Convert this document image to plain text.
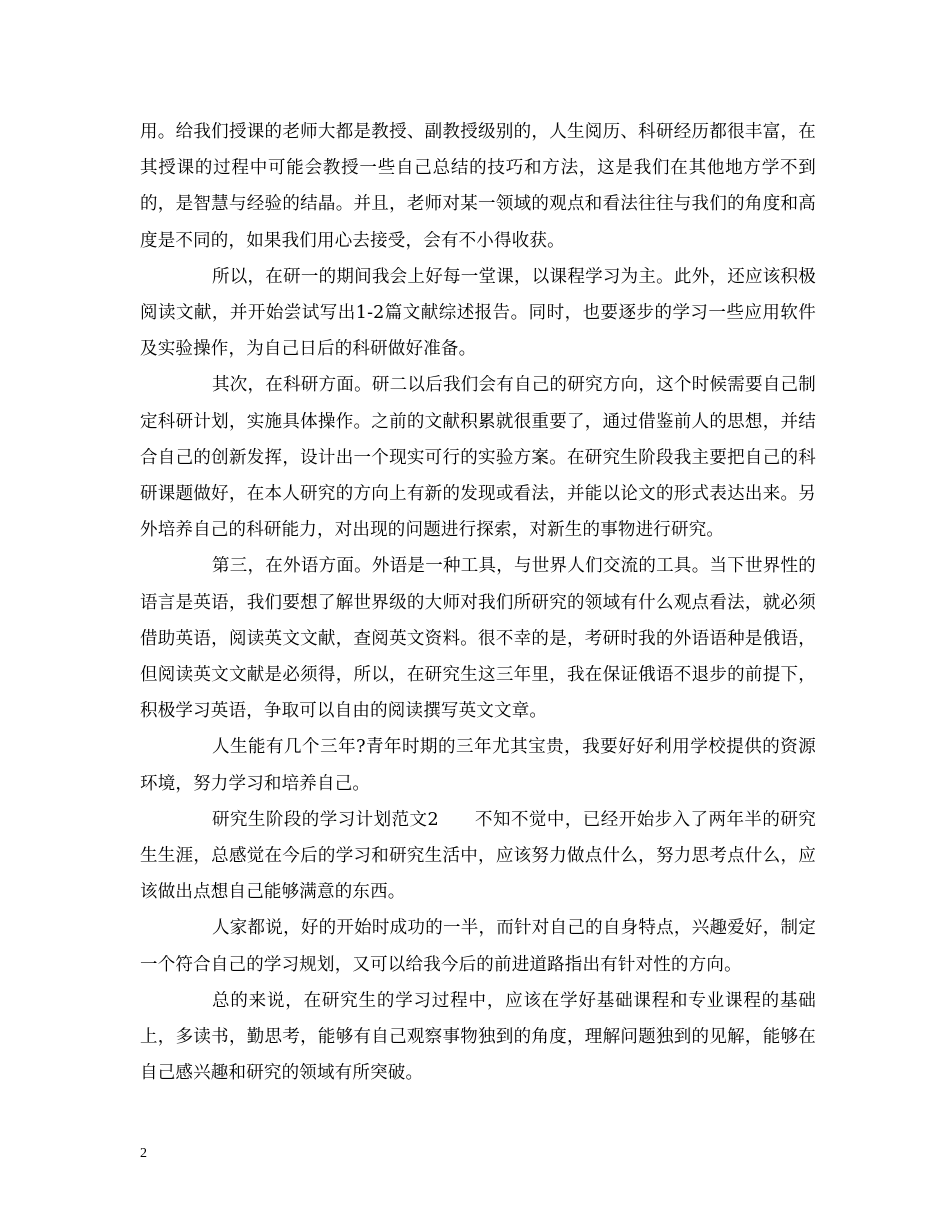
用。给我们授课的老师大都是教授、副教授级别的，人生阅历、科研经历都很丰富，在其授课的过程中可能会教授一些自己总结的技巧和方法，这是我们在其他地方学不到的，是智慧与经验的结晶。并且，老师对某一领域的观点和看法往往与我们的角度和高度是不同的，如果我们用心去接受，会有不小得收获。

所以，在研一的期间我会上好每一堂课，以课程学习为主。此外，还应该积极阅读文献，并开始尝试写出1-2篇文献综述报告。同时，也要逐步的学习一些应用软件及实验操作，为自己日后的科研做好准备。

其次，在科研方面。研二以后我们会有自己的研究方向，这个时候需要自己制定科研计划，实施具体操作。之前的文献积累就很重要了，通过借鉴前人的思想，并结合自己的创新发挥，设计出一个现实可行的实验方案。在研究生阶段我主要把自己的科研课题做好，在本人研究的方向上有新的发现或看法，并能以论文的形式表达出来。另外培养自己的科研能力，对出现的问题进行探索，对新生的事物进行研究。

第三，在外语方面。外语是一种工具，与世界人们交流的工具。当下世界性的语言是英语，我们要想了解世界级的大师对我们所研究的领域有什么观点看法，就必须借助英语，阅读英文文献，查阅英文资料。很不幸的是，考研时我的外语语种是俄语，但阅读英文文献是必须得，所以，在研究生这三年里，我在保证俄语不退步的前提下，积极学习英语，争取可以自由的阅读撰写英文文章。

人生能有几个三年?青年时期的三年尤其宝贵，我要好好利用学校提供的资源环境，努力学习和培养自己。

研究生阶段的学习计划范文2　　不知不觉中，已经开始步入了两年半的研究生生涯，总感觉在今后的学习和研究生活中，应该努力做点什么，努力思考点什么，应该做出点想自己能够满意的东西。

人家都说，好的开始时成功的一半，而针对自己的自身特点，兴趣爱好，制定一个符合自己的学习规划，又可以给我今后的前进道路指出有针对性的方向。

总的来说，在研究生的学习过程中，应该在学好基础课程和专业课程的基础上，多读书，勤思考，能够有自己观察事物独到的角度，理解问题独到的见解，能够在自己感兴趣和研究的领域有所突破。

2
